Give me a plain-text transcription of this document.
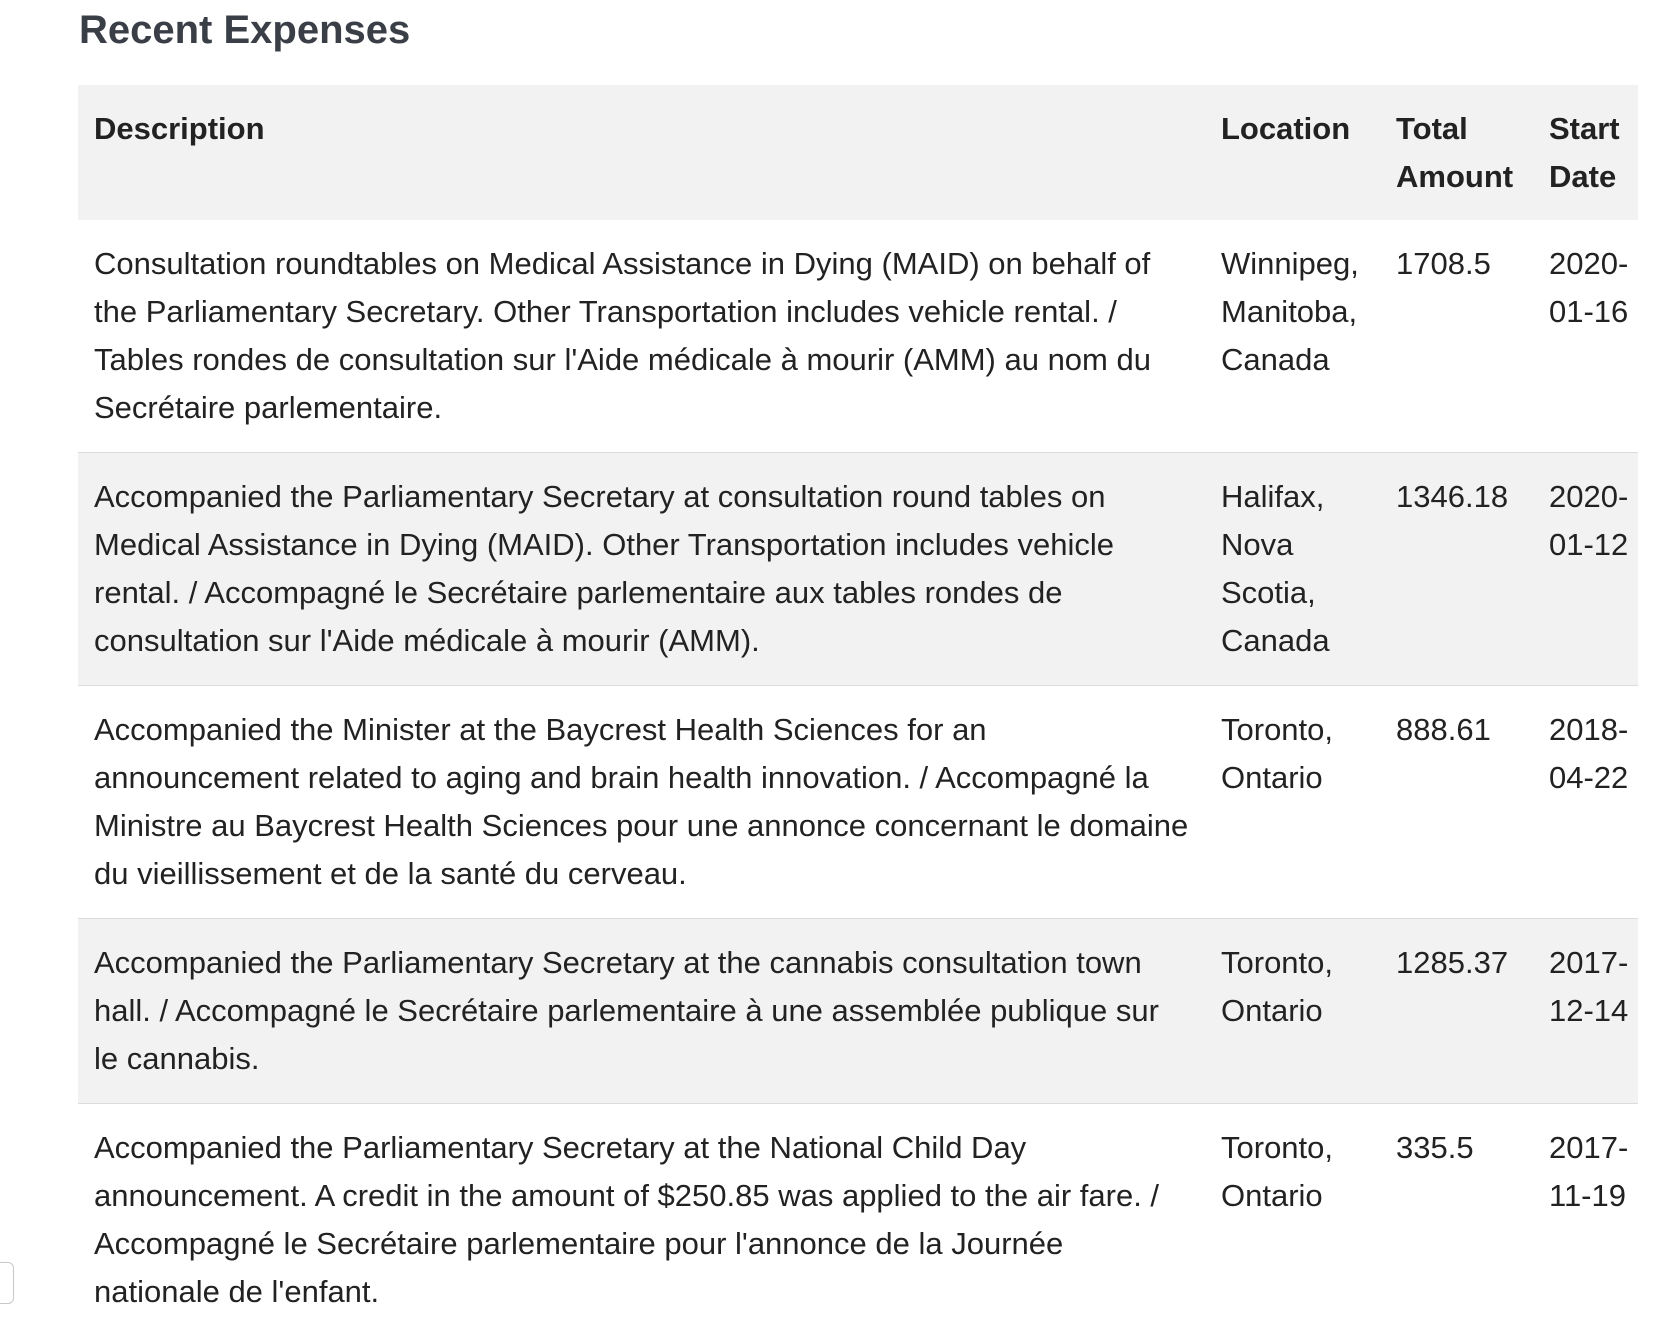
Recent Expenses
Description	Location	Total Amount	Start Date
Consultation roundtables on Medical Assistance in Dying (MAID) on behalf of the Parliamentary Secretary. Other Transportation includes vehicle rental. / Tables rondes de consultation sur l'Aide médicale à mourir (AMM) au nom du Secrétaire parlementaire.	Winnipeg, Manitoba, Canada	1708.5	2020-01-16
Accompanied the Parliamentary Secretary at consultation round tables on Medical Assistance in Dying (MAID). Other Transportation includes vehicle rental. / Accompagné le Secrétaire parlementaire aux tables rondes de consultation sur l'Aide médicale à mourir (AMM).	Halifax, Nova Scotia, Canada	1346.18	2020-01-12
Accompanied the Minister at the Baycrest Health Sciences for an announcement related to aging and brain health innovation. / Accompagné la Ministre au Baycrest Health Sciences pour une annonce concernant le domaine du vieillissement et de la santé du cerveau.	Toronto, Ontario	888.61	2018-04-22
Accompanied the Parliamentary Secretary at the cannabis consultation town hall. / Accompagné le Secrétaire parlementaire à une assemblée publique sur le cannabis.	Toronto, Ontario	1285.37	2017-12-14
Accompanied the Parliamentary Secretary at the National Child Day announcement. A credit in the amount of $250.85 was applied to the air fare. / Accompagné le Secrétaire parlementaire pour l'annonce de la Journée nationale de l'enfant.	Toronto, Ontario	335.5	2017-11-19
